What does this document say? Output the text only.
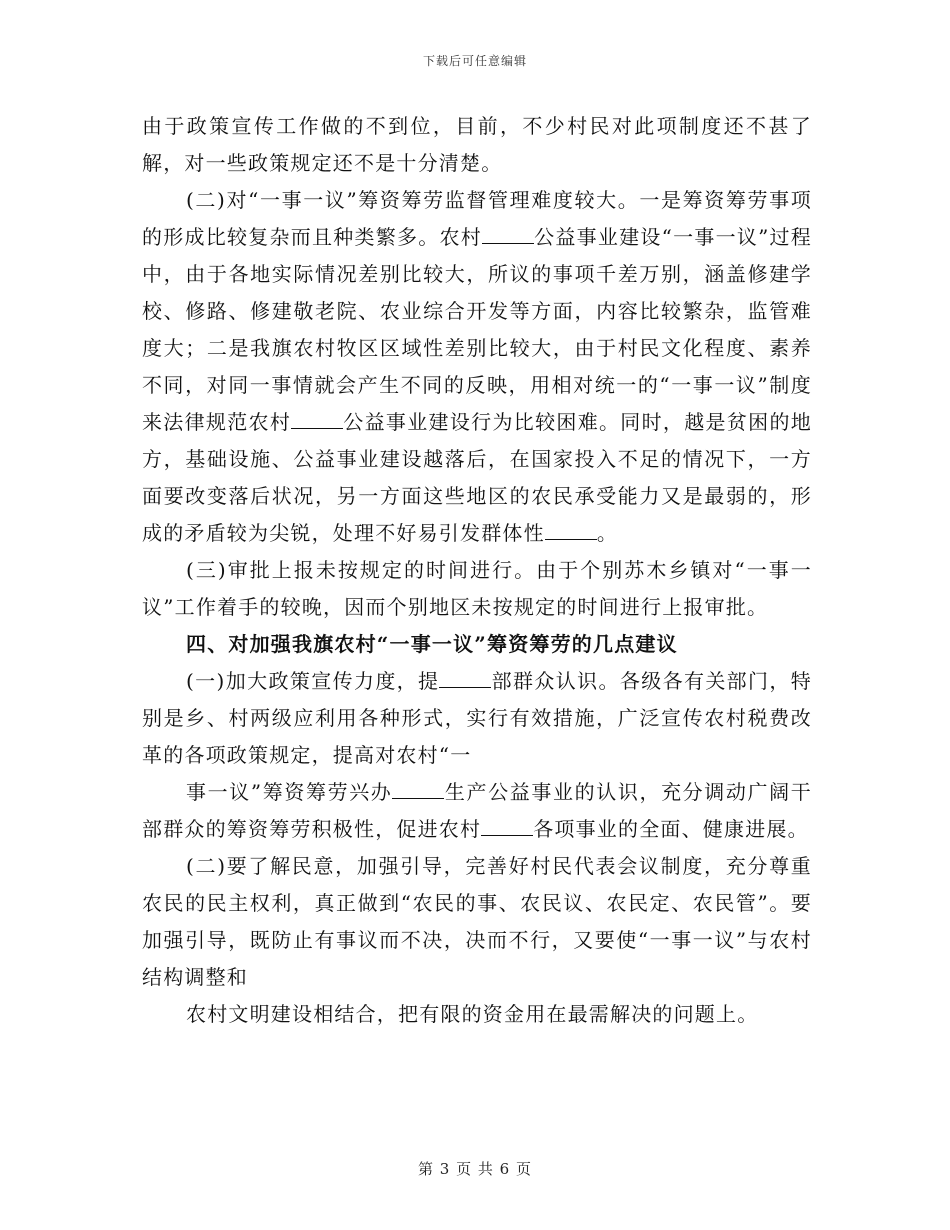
下载后可任意编辑

由于政策宣传工作做的不到位，目前，不少村民对此项制度还不甚了解，对一些政策规定还不是十分清楚。

(二)对“一事一议”筹资筹劳监督管理难度较大。一是筹资筹劳事项的形成比较复杂而且种类繁多。农村	公益事业建设“一事一议”过程中，由于各地实际情况差别比较大，所议的事项千差万别，涵盖修建学校、修路、修建敬老院、农业综合开发等方面，内容比较繁杂，监管难度大；二是我旗农村牧区区域性差别比较大，由于村民文化程度、素养不同，对同一事情就会产生不同的反映，用相对统一的“一事一议”制度来法律规范农村	公益事业建设行为比较困难。同时，越是贫困的地方，基础设施、公益事业建设越落后，在国家投入不足的情况下，一方面要改变落后状况，另一方面这些地区的农民承受能力又是最弱的，形成的矛盾较为尖锐，处理不好易引发群体性	。

(三)审批上报未按规定的时间进行。由于个别苏木乡镇对“一事一议”工作着手的较晚，因而个别地区未按规定的时间进行上报审批。

四、对加强我旗农村“一事一议”筹资筹劳的几点建议

(一)加大政策宣传力度，提	部群众认识。各级各有关部门，特别是乡、村两级应利用各种形式，实行有效措施，广泛宣传农村税费改革的各项政策规定，提高对农村“一

事一议”筹资筹劳兴办	生产公益事业的认识，充分调动广阔干部群众的筹资筹劳积极性，促进农村	各项事业的全面、健康进展。

(二)要了解民意，加强引导，完善好村民代表会议制度，充分尊重农民的民主权利，真正做到“农民的事、农民议、农民定、农民管”。要加强引导，既防止有事议而不决，决而不行，又要使“一事一议”与农村结构调整和

农村文明建设相结合，把有限的资金用在最需解决的问题上。

第 3 页 共 6 页
